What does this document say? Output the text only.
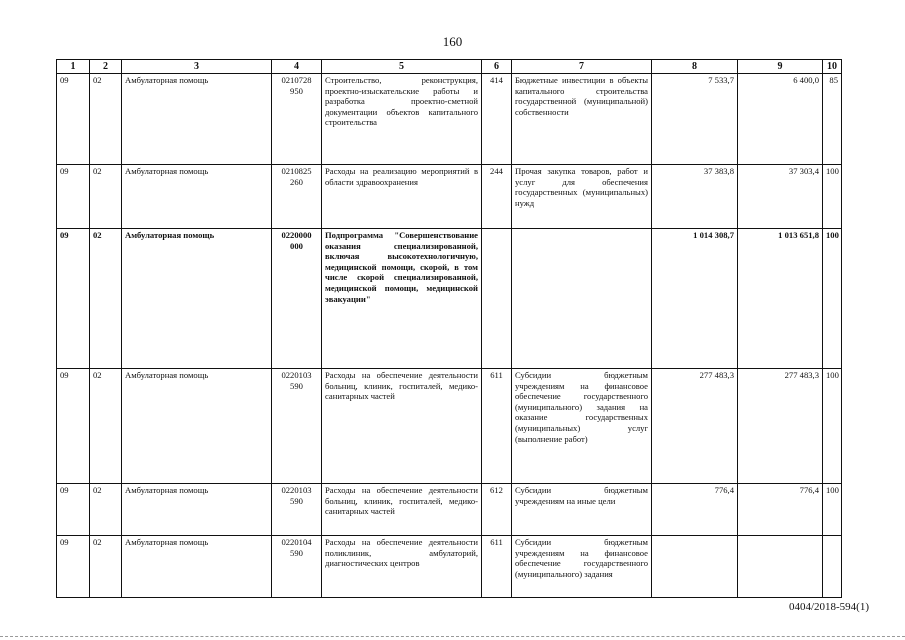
160
1	2	3	4	5	6	7	8	9	10
09	02	Амбулаторная помощь	0210728 950	Строительство, реконструкция, проектно-изыскательские работы и разработка проектно-сметной документации объектов капитального строительства	414	Бюджетные инвестиции в объекты капитального строительства государственной (муниципальной) собственности	7 533,7	6 400,0	85
09	02	Амбулаторная помощь	0210825 260	Расходы на реализацию мероприятий в области здравоохранения	244	Прочая закупка товаров, работ и услуг для обеспечения государственных (муниципальных) нужд	37 383,8	37 303,4	100
09	02	Амбулаторная помощь	0220000 000	Подпрограмма "Совершенствование оказания специализированной, включая высокотехнологичную, медицинской помощи, скорой, в том числе скорой специализированной, медицинской помощи, медицинской эвакуации"			1 014 308,7	1 013 651,8	100
09	02	Амбулаторная помощь	0220103 590	Расходы на обеспечение деятельности больниц, клиник, госпиталей, медико-санитарных частей	611	Субсидии бюджетным учреждениям на финансовое обеспечение государственного (муниципального) задания на оказание государственных (муниципальных) услуг (выполнение работ)	277 483,3	277 483,3	100
09	02	Амбулаторная помощь	0220103 590	Расходы на обеспечение деятельности больниц, клиник, госпиталей, медико-санитарных частей	612	Субсидии бюджетным учреждениям на иные цели	776,4	776,4	100
09	02	Амбулаторная помощь	0220104 590	Расходы на обеспечение деятельности поликлиник, амбулаторий, диагностических центров	611	Субсидии бюджетным учреждениям на финансовое обеспечение государственного (муниципального) задания			
0404/2018-594(1)
